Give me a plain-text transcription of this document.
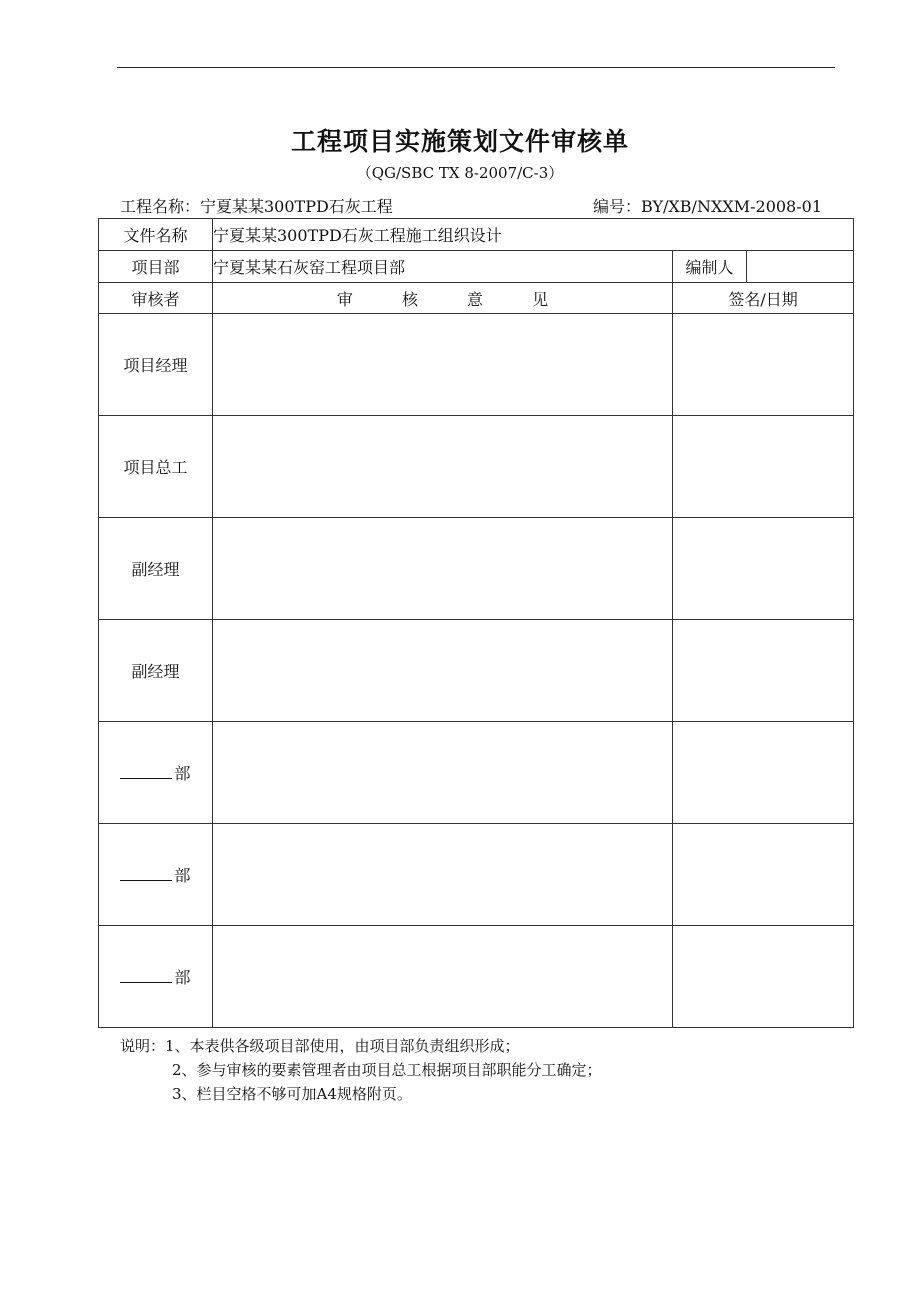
工程项目实施策划文件审核单
（QG/SBC TX 8-2007/C-3）
工程名称：宁夏某某300TPD石灰工程	编号：BY/XB/NXXM-2008-01
文件名称	宁夏某某300TPD石灰工程施工组织设计		
项目部	宁夏某某石灰窑工程项目部	编制人	
审核者	审 核 意 见	签名/日期	
项目经理			
项目总工			
副经理			
副经理			
部			
部			
部			
说明：1、本表供各级项目部使用，由项目部负责组织形成；
2、参与审核的要素管理者由项目总工根据项目部职能分工确定；
3、栏目空格不够可加A4规格附页。
